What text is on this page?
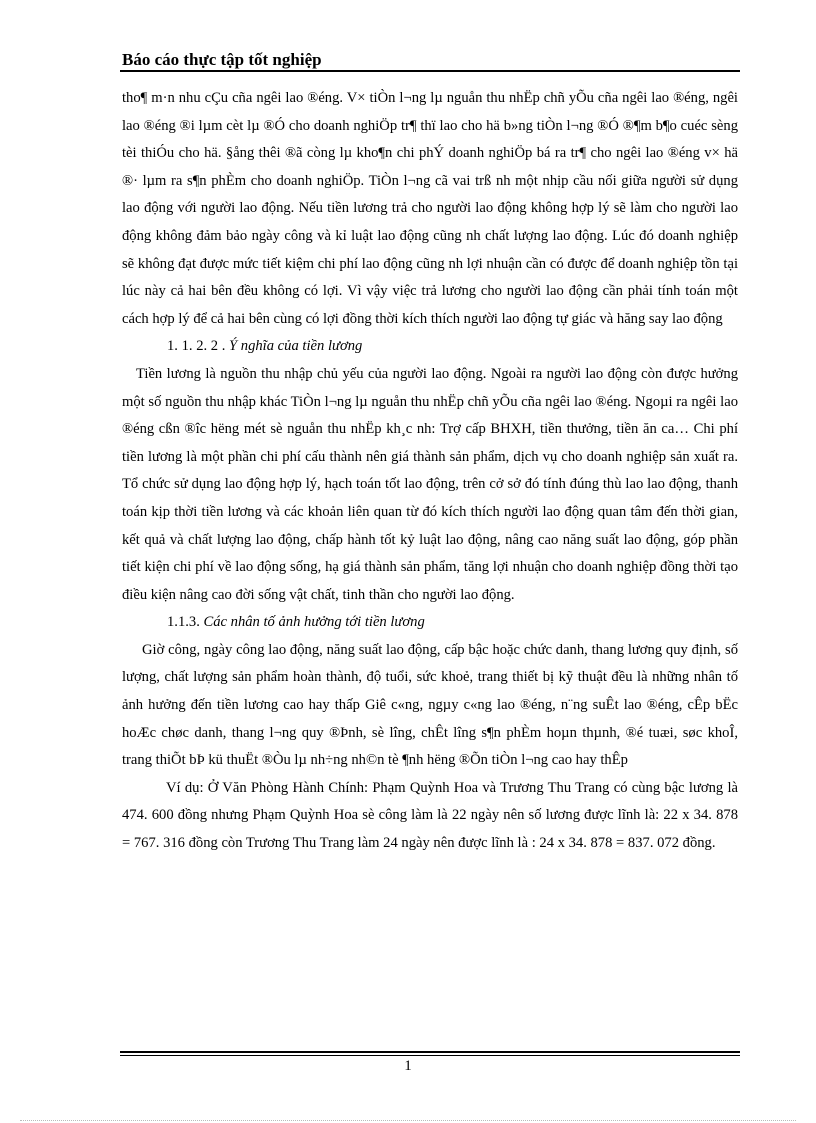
Báo cáo thực tập tốt nghiệp

tho¶ m·n nhu cÇu cña ngêi lao ®éng. V× tiÒn l¬ng lµ nguån thu nhËp chñ yÕu cña ngêi lao ®éng, ngêi lao ®éng ®i lµm cèt lµ ®Ó cho doanh nghiÖp tr¶ thï lao cho hä b»ng tiÒn l¬ng ®Ó ®¶m b¶o cuéc sèng tèi thiÓu cho hä. §ång thêi ®ã còng lµ kho¶n chi phÝ doanh nghiÖp bá ra tr¶ cho ngêi lao ®éng v× hä ®· lµm ra s¶n phÈm cho doanh nghiÖp. TiÒn l¬ng cã vai trß nh một nhịp cầu nối giữa người sử dụng lao động với người lao động. Nếu tiền lương trả cho người lao động không hợp lý sẽ làm cho người lao động không đảm bảo ngày công và kỉ luật lao động cũng nh chất lượng lao động. Lúc đó doanh nghiệp sẽ không đạt được mức tiết kiệm chi phí lao động cũng nh lợi nhuận cần có được để doanh nghiệp tồn tại lúc này cả hai bên đều không có lợi. Vì vậy việc trả lương cho người lao động cần phải tính toán một cách hợp lý để cả hai bên cùng có lợi đồng thời kích thích người lao động tự giác và hăng say lao động

1. 1. 2. 2 . Ý nghĩa của tiền lương

Tiền lương là nguồn thu nhập chủ yếu của người lao động. Ngoài ra người lao động còn được hưởng một số nguồn thu nhập khác TiÒn l¬ng lµ nguån thu nhËp chñ yÕu cña ngêi lao ®éng. Ngoµi ra ngêi lao ®éng cßn ®îc hëng mét sè nguån thu nhËp kh¸c nh: Trợ cấp BHXH, tiền thưởng, tiền ăn ca… Chi phí tiền lương là một phần chi phí cấu thành nên giá thành sản phẩm, dịch vụ cho doanh nghiệp sản xuất ra. Tổ chức sử dụng lao động hợp lý, hạch toán tốt lao động, trên cở sở đó tính đúng thù lao lao động, thanh toán kịp thời tiền lương và các khoản liên quan từ đó kích thích người lao động quan tâm đến thời gian, kết quả và chất lượng lao động, chấp hành tốt kỷ luật lao động, nâng cao năng suất lao động, góp phần tiết kiện chi phí về lao động sống, hạ giá thành sản phẩm, tăng lợi nhuận cho doanh nghiệp đồng thời tạo điều kiện nâng cao đời sống vật chất, tinh thần cho người lao động.

1.1.3. Các nhân tố ảnh hưởng tới tiền lương

Giờ công, ngày công lao động, năng suất lao động, cấp bậc hoặc chức danh, thang lương quy định, số lượng, chất lượng sản phẩm hoàn thành, độ tuổi, sức khoẻ, trang thiết bị kỹ thuật đều là những nhân tố ảnh hưởng đến tiền lương cao hay thấp Giê c«ng, ngµy c«ng lao ®éng, n¨ng suÊt lao ®éng, cÊp bËc hoÆc chøc danh, thang l¬ng quy ®Þnh, sè lîng, chÊt lîng s¶n phÈm hoµn thµnh, ®é tuæi, søc khoÎ, trang thiÕt bÞ kü thuËt ®Òu lµ nh÷ng nh©n tè ¶nh hëng ®Õn tiÒn l¬ng cao hay thÊp

Ví dụ: Ở Văn Phòng Hành Chính: Phạm Quỳnh Hoa và Trương Thu Trang có cùng bậc lương là 474. 600 đồng nhưng Phạm Quỳnh Hoa sè công làm là 22 ngày nên số lương được lĩnh là: 22 x 34. 878 = 767. 316 đồng còn Trương Thu Trang làm 24 ngày nên được lĩnh là : 24 x 34. 878 = 837. 072 đồng.

1
